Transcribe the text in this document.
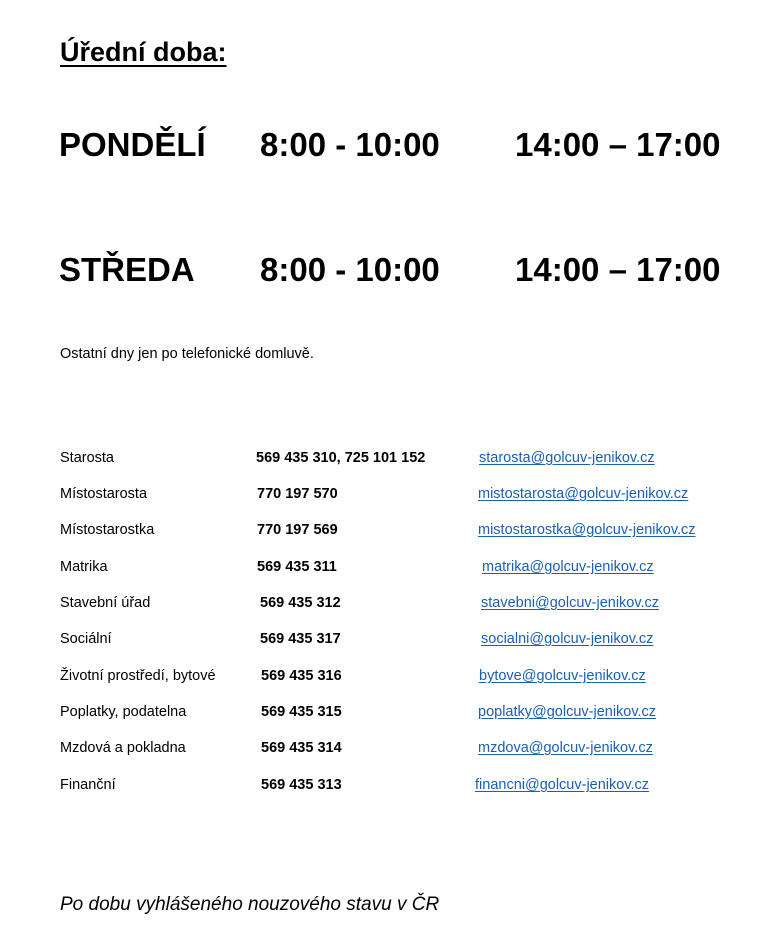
Úřední doba:
PONDĚLÍ 8:00 - 10:00 14:00 – 17:00
STŘEDA 8:00 - 10:00 14:00 – 17:00
Ostatní dny jen po telefonické domluvě.
Starosta	569 435 310, 725 101 152	starosta@golcuv-jenikov.cz
Místostarosta	770 197 570	mistostarosta@golcuv-jenikov.cz
Místostarostka	770 197 569	mistostarostka@golcuv-jenikov.cz
Matrika	569 435 311	matrika@golcuv-jenikov.cz
Stavební úřad	569 435 312	stavebni@golcuv-jenikov.cz
Sociální	569 435 317	socialni@golcuv-jenikov.cz
Životní prostředí, bytové	569 435 316	bytove@golcuv-jenikov.cz
Poplatky, podatelna	569 435 315	poplatky@golcuv-jenikov.cz
Mzdová a pokladna	569 435 314	mzdova@golcuv-jenikov.cz
Finanční	569 435 313	financni@golcuv-jenikov.cz
Po dobu vyhlášeného nouzového stavu v ČR
